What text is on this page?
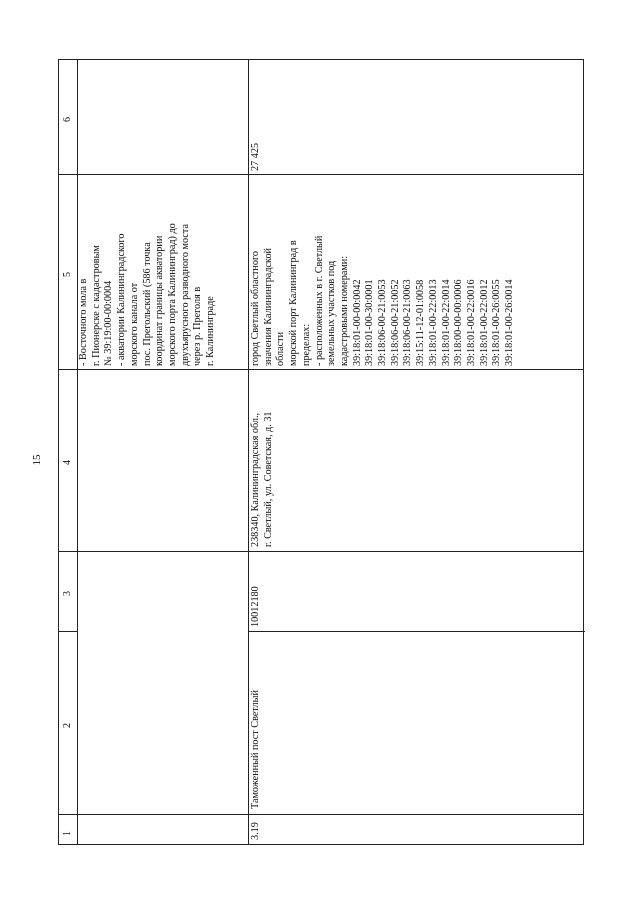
15
1
2
3
4
5
6
- Восточного мола в г. Пионерске с кадастровым № 39:19:00-00:0004 - акватории Калининградского морского канала от пос. Прегольский (586 точка координат границы акватории морского порта Калининград) до двухъярусного разводного моста через р. Преголя в г. Калининграде
3.19
Таможенный пост Светлый
10012180
238340, Калининградская обл., г. Светлый, ул. Советская, д. 31
город Светлый областного значения Калининградской области морской порт Калининград в пределах: - расположенных в г. Светлый земельных участков под кадастровыми номерами: 39:18:01-00-00:0042 39:18:01-00-30:0001 39:18:06-00-21:0053 39:18:06-00-21:0052 39:18:06-00-21:0063 39:15:11-12-01:0058 39:18:01-00-22:0013 39:18:01-00-22:0014 39:18:00-00-00:0006 39:18:01-00-22:0016 39:18:01-00-22:0012 39:18:01-00-26:0055 39:18:01-00-26:0014
27 425
